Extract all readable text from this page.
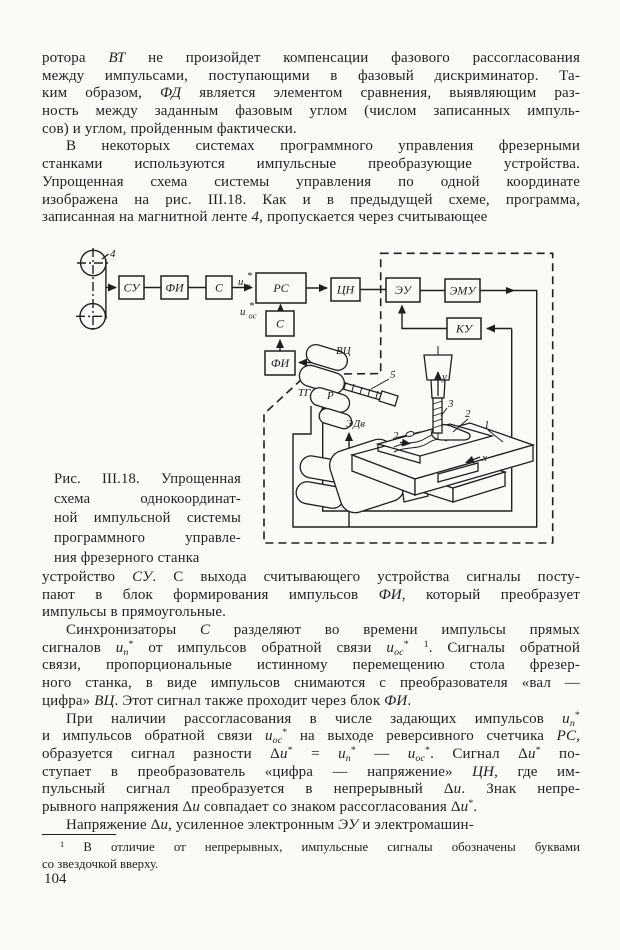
ротора ВТ не произойдет компенсации фазового рассогласования
между импульсами, поступающими в фазовый дискриминатор. Та-
ким образом, ФД является элементом сравнения, выявляющим раз-
ность между заданным фазовым углом (числом записанных импуль-
сов) и углом, пройденным фактически.
В некоторых системах программного управления фрезерными
станками используются импульсные преобразующие устройства.
Упрощенная схема системы управления по одной координате
изображена на рис. III.18. Как и в предыдущей схеме, программа,
записанная на магнитной ленте 4, пропускается через считывающее
4
СУ ФИ	С	РС	ЦН	ЭУ	ЭМУ
КУ
С
ФИ
и п
*
и ос
*
ВЦ
ТГ Р
ЭДв
5	у
3
2
2
1
х
Рис. III.18. Упрощенная
схема однокоординат-
ной импульсной системы
программного управле-
ния фрезерного станка
устройство СУ. С выхода считывающего устройства сигналы посту-
пают в блок формирования импульсов ФИ, который преобразует
импульсы в прямоугольные.
Синхронизаторы С разделяют во времени импульсы прямых
сигналов $и_п^*$ от импульсов обратной связи $и_{ос}^*$ $^1$. Сигналы обратной
связи, пропорциональные истинному перемещению стола фрезер-
ного станка, в виде импульсов снимаются с преобразователя «вал —
цифра» ВЦ. Этот сигнал также проходит через блок ФИ.
При наличии рассогласования в числе задающих импульсов $и_п^*$
и импульсов обратной связи $и_{ос}^*$ на выходе реверсивного счетчика РС,
образуется сигнал разности $\Delta и^* = и_п^*$ — $и_{ос}^*$. Сигнал Δи* по-
ступает в преобразователь «цифра — напряжение» ЦН, где им-
пульсный сигнал преобразуется в непрерывный Δи. Знак непре-
рывного напряжения Δи совпадает со знаком рассогласования Δи*.
Напряжение Δи, усиленное электронным ЭУ и электромашин-
$^1$ В отличие от непрерывных, импульсные сигналы обозначены буквами
со звездочкой вверху.
104
